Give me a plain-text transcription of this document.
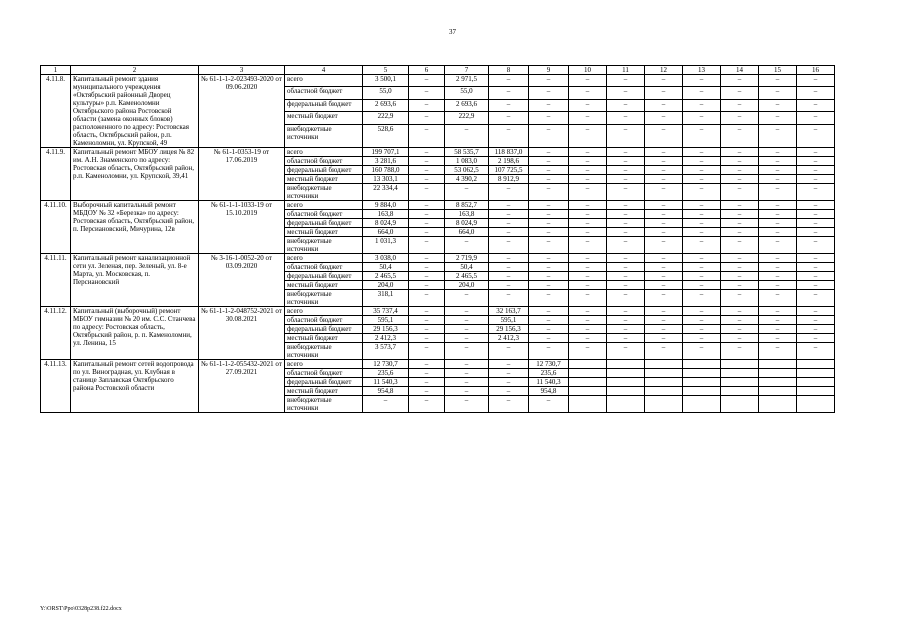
37
1	2	3	4	5	6	7	8	9	10	11	12	13	14	15	16
4.11.8.	Капитальный ремонт здания муниципального учреждения «Октябрьский районный Дворец культуры» р.п. Каменоломни Октябрьского района Ростовской области (замена оконных блоков) расположенного по адресу: Ростовская область, Октябрьский район, р.п. Каменоломни, ул. Крупской, 49	№ 61-1-1-2-023493-2020 от 09.06.2020	всего	3 500,1	–	2 971,5	–	–	–	–	–	–	–	–	–
			областной бюджет	55,0	–	55,0	–	–	–	–	–	–	–	–	–
			федеральный бюджет	2 693,6	–	2 693,6	–	–	–	–	–	–	–	–	–
			местный бюджет	222,9	–	222,9	–	–	–	–	–	–	–	–	–
			внебюджетные источники	528,6	–	–	–	–	–	–	–	–	–	–	–
4.11.9.	Капитальный ремонт МБОУ лицея № 82 им. А.Н. Знаменского по адресу: Ростовская область, Октябрьский район, р.п. Каменоломни, ул. Крупской, 39,41	№ 61-1-0353-19 от 17.06.2019	всего	199 707,1	–	58 535,7	118 837,0	–	–	–	–	–	–	–	–
			областной бюджет	3 281,6	–	1 083,0	2 198,6	–	–	–	–	–	–	–	–
			федеральный бюджет	160 788,0	–	53 062,5	107 725,5	–	–	–	–	–	–	–	–
			местный бюджет	13 303,1	–	4 390,2	8 912,9	–	–	–	–	–	–	–	–
			внебюджетные источники	22 334,4	–	–	–	–	–	–	–	–	–	–	–
4.11.10.	Выборочный капитальный ремонт МБДОУ № 32 «Березка» по адресу: Ростовская область, Октябрьский район, п. Персиановский, Мичурина, 12в	№ 61-1-1-1033-19 от 15.10.2019	всего	9 884,0	–	8 852,7	–	–	–	–	–	–	–	–	–
			областной бюджет	163,8	–	163,8	–	–	–	–	–	–	–	–	–
			федеральный бюджет	8 024,9	–	8 024,9	–	–	–	–	–	–	–	–	–
			местный бюджет	664,0	–	664,0	–	–	–	–	–	–	–	–	–
			внебюджетные источники	1 031,3	–	–	–	–	–	–	–	–	–	–	–
4.11.11.	Капитальный ремонт канализационной сети ул. Зеленая, пер. Зеленый, ул. 8-е Марта, ул. Московская, п. Персиановский	№ 3-16-1-0052-20 от 03.09.2020	всего	3 038,0	–	2 719,9	–	–	–	–	–	–	–	–	–
			областной бюджет	50,4	–	50,4	–	–	–	–	–	–	–	–	–
			федеральный бюджет	2 465,5	–	2 465,5	–	–	–	–	–	–	–	–	–
			местный бюджет	204,0	–	204,0	–	–	–	–	–	–	–	–	–
			внебюджетные источники	318,1	–	–	–	–	–	–	–	–	–	–	–
4.11.12.	Капитальный (выборочный) ремонт МБОУ гимназии № 20 им. С.С. Станчева по адресу: Ростовская область, Октябрьский район, р. п. Каменоломни, ул. Ленина, 15	№ 61-1-1-2-048752-2021 от 30.08.2021	всего	35 737,4	–	–	32 163,7	–	–	–	–	–	–	–	–
			областной бюджет	595,1	–	–	595,1	–	–	–	–	–	–	–	–
			федеральный бюджет	29 156,3	–	–	29 156,3	–	–	–	–	–	–	–	–
			местный бюджет	2 412,3	–	–	2 412,3	–	–	–	–	–	–	–	–
			внебюджетные источники	3 573,7	–	–	–	–	–	–	–	–	–	–	–
4.11.13.	Капитальный ремонт сетей водопровода по ул. Виноградная, ул. Клубная в станице Заплавская Октябрьского района Ростовской области	№ 61-1-1-2-055432-2021 от 27.09.2021	всего	12 730,7	–	–	–	12 730,7							
			областной бюджет	235,6	–	–	–	235,6							
			федеральный бюджет	11 540,3	–	–	–	11 540,3							
			местный бюджет	954,8	–	–	–	954,8							
			внебюджетные источники	–	–	–	–	–							
Y:\ORST\Ppo\0328p238.f22.docx
